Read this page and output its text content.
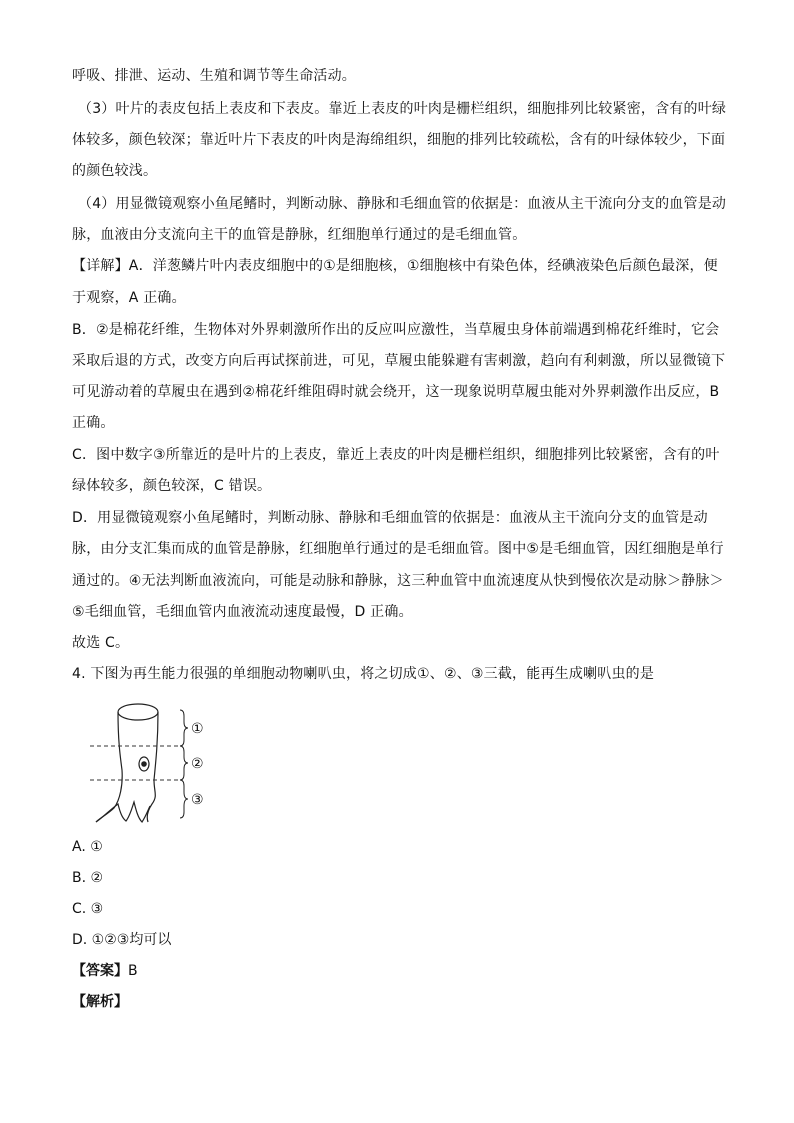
呼吸、排泄、运动、生殖和调节等生命活动。
（3）叶片的表皮包括上表皮和下表皮。靠近上表皮的叶肉是栅栏组织，细胞排列比较紧密，含有的叶绿
体较多，颜色较深；靠近叶片下表皮的叶肉是海绵组织，细胞的排列比较疏松，含有的叶绿体较少，下面
的颜色较浅。
（4）用显微镜观察小鱼尾鳍时，判断动脉、静脉和毛细血管的依据是：血液从主干流向分支的血管是动
脉，血液由分支流向主干的血管是静脉，红细胞单行通过的是毛细血管。
【详解】A．洋葱鳞片叶内表皮细胞中的①是细胞核，①细胞核中有染色体，经碘液染色后颜色最深，便
于观察，A 正确。
B．②是棉花纤维，生物体对外界刺激所作出的反应叫应激性，当草履虫身体前端遇到棉花纤维时，它会
采取后退的方式，改变方向后再试探前进，可见，草履虫能躲避有害刺激，趋向有利刺激，所以显微镜下
可见游动着的草履虫在遇到②棉花纤维阻碍时就会绕开，这一现象说明草履虫能对外界刺激作出反应，B
正确。
C．图中数字③所靠近的是叶片的上表皮，靠近上表皮的叶肉是栅栏组织，细胞排列比较紧密，含有的叶
绿体较多，颜色较深，C 错误。
D．用显微镜观察小鱼尾鳍时，判断动脉、静脉和毛细血管的依据是：血液从主干流向分支的血管是动
脉，由分支汇集而成的血管是静脉，红细胞单行通过的是毛细血管。图中⑤是毛细血管，因红细胞是单行
通过的。④无法判断血液流向，可能是动脉和静脉，这三种血管中血流速度从快到慢依次是动脉＞静脉＞
⑤毛细血管，毛细血管内血液流动速度最慢，D 正确。
故选 C。
4. 下图为再生能力很强的单细胞动物喇叭虫，将之切成①、②、③三截，能再生成喇叭虫的是
①
②
③
A. ①
B. ②
C. ③
D. ①②③均可以
【答案】B
【解析】
